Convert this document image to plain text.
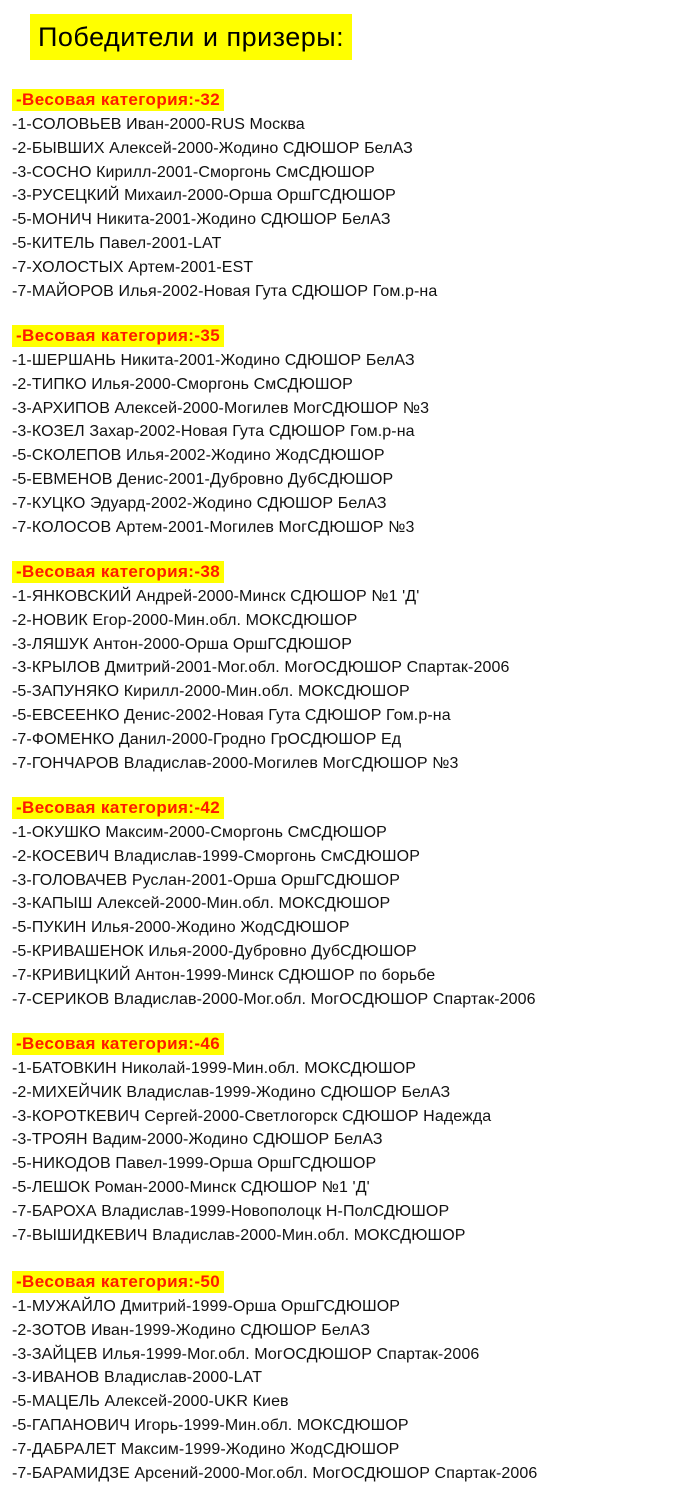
Победители и призеры:
-Весовая категория:-32
-1-СОЛОВЬЕВ Иван-2000-RUS Москва
-2-БЫВШИХ Алексей-2000-Жодино СДЮШОР БелАЗ
-3-СОСНО Кирилл-2001-Сморгонь СмСДЮШОР
-3-РУСЕЦКИЙ Михаил-2000-Орша ОршГСДЮШОР
-5-МОНИЧ Никита-2001-Жодино СДЮШОР БелАЗ
-5-КИТЕЛЬ Павел-2001-LAT
-7-ХОЛОСТЫХ Артем-2001-EST
-7-МАЙОРОВ Илья-2002-Новая Гута СДЮШОР Гом.р-на
-Весовая категория:-35
-1-ШЕРШАНЬ Никита-2001-Жодино СДЮШОР БелАЗ
-2-ТИПКО Илья-2000-Сморгонь СмСДЮШОР
-3-АРХИПОВ Алексей-2000-Могилев МогСДЮШОР №3
-3-КОЗЕЛ Захар-2002-Новая Гута СДЮШОР Гом.р-на
-5-СКОЛЕПОВ Илья-2002-Жодино ЖодСДЮШОР
-5-ЕВМЕНОВ Денис-2001-Дубровно ДубСДЮШОР
-7-КУЦКО Эдуард-2002-Жодино СДЮШОР БелАЗ
-7-КОЛОСОВ Артем-2001-Могилев МогСДЮШОР №3
-Весовая категория:-38
-1-ЯНКОВСКИЙ Андрей-2000-Минск СДЮШОР №1 'Д'
-2-НОВИК Егор-2000-Мин.обл. МОКСДЮШОР
-3-ЛЯШУК Антон-2000-Орша ОршГСДЮШОР
-3-КРЫЛОВ Дмитрий-2001-Мог.обл. МогОСДЮШОР Спартак-2006
-5-ЗАПУНЯКО Кирилл-2000-Мин.обл. МОКСДЮШОР
-5-ЕВСЕЕНКО Денис-2002-Новая Гута СДЮШОР Гом.р-на
-7-ФОМЕНКО Данил-2000-Гродно ГрОСДЮШОР Ед
-7-ГОНЧАРОВ Владислав-2000-Могилев МогСДЮШОР №3
-Весовая категория:-42
-1-ОКУШКО Максим-2000-Сморгонь СмСДЮШОР
-2-КОСЕВИЧ Владислав-1999-Сморгонь СмСДЮШОР
-3-ГОЛОВАЧЕВ Руслан-2001-Орша ОршГСДЮШОР
-3-КАПЫШ Алексей-2000-Мин.обл. МОКСДЮШОР
-5-ПУКИН Илья-2000-Жодино ЖодСДЮШОР
-5-КРИВАШЕНОК Илья-2000-Дубровно ДубСДЮШОР
-7-КРИВИЦКИЙ Антон-1999-Минск СДЮШОР по борьбе
-7-СЕРИКОВ Владислав-2000-Мог.обл. МогОСДЮШОР Спартак-2006
-Весовая категория:-46
-1-БАТОВКИН Николай-1999-Мин.обл. МОКСДЮШОР
-2-МИХЕЙЧИК Владислав-1999-Жодино СДЮШОР БелАЗ
-3-КОРОТКЕВИЧ Сергей-2000-Светлогорск СДЮШОР Надежда
-3-ТРОЯН Вадим-2000-Жодино СДЮШОР БелАЗ
-5-НИКОДОВ Павел-1999-Орша ОршГСДЮШОР
-5-ЛЕШОК Роман-2000-Минск СДЮШОР №1 'Д'
-7-БАРОХА Владислав-1999-Новополоцк Н-ПолСДЮШОР
-7-ВЫШИДКЕВИЧ Владислав-2000-Мин.обл. МОКСДЮШОР
-Весовая категория:-50
-1-МУЖАЙЛО Дмитрий-1999-Орша ОршГСДЮШОР
-2-ЗОТОВ Иван-1999-Жодино СДЮШОР БелАЗ
-3-ЗАЙЦЕВ Илья-1999-Мог.обл. МогОСДЮШОР Спартак-2006
-3-ИВАНОВ Владислав-2000-LAT
-5-МАЦЕЛЬ Алексей-2000-UKR Киев
-5-ГАПАНОВИЧ Игорь-1999-Мин.обл. МОКСДЮШОР
-7-ДАБРАЛЕТ Максим-1999-Жодино ЖодСДЮШОР
-7-БАРАМИДЗЕ Арсений-2000-Мог.обл. МогОСДЮШОР Спартак-2006
